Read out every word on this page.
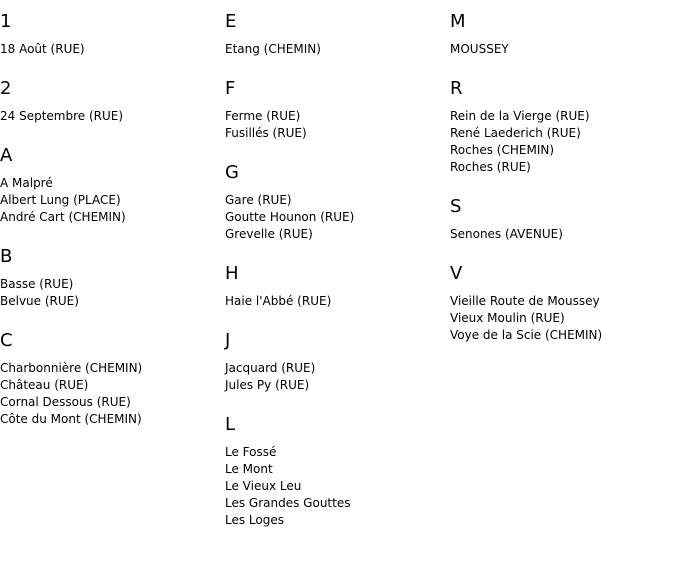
1
18 Août (RUE)
2
24 Septembre (RUE)
A
A Malpré
Albert Lung (PLACE)
André Cart (CHEMIN)
B
Basse (RUE)
Belvue (RUE)
C
Charbonnière (CHEMIN)
Château (RUE)
Cornal Dessous (RUE)
Côte du Mont (CHEMIN)
E
Etang (CHEMIN)
F
Ferme (RUE)
Fusillés (RUE)
G
Gare (RUE)
Goutte Hounon (RUE)
Grevelle (RUE)
H
Haie l'Abbé (RUE)
J
Jacquard (RUE)
Jules Py (RUE)
L
Le Fossé
Le Mont
Le Vieux Leu
Les Grandes Gouttes
Les Loges
M
MOUSSEY
R
Rein de la Vierge (RUE)
René Laederich (RUE)
Roches (CHEMIN)
Roches (RUE)
S
Senones (AVENUE)
V
Vieille Route de Moussey
Vieux Moulin (RUE)
Voye de la Scie (CHEMIN)
